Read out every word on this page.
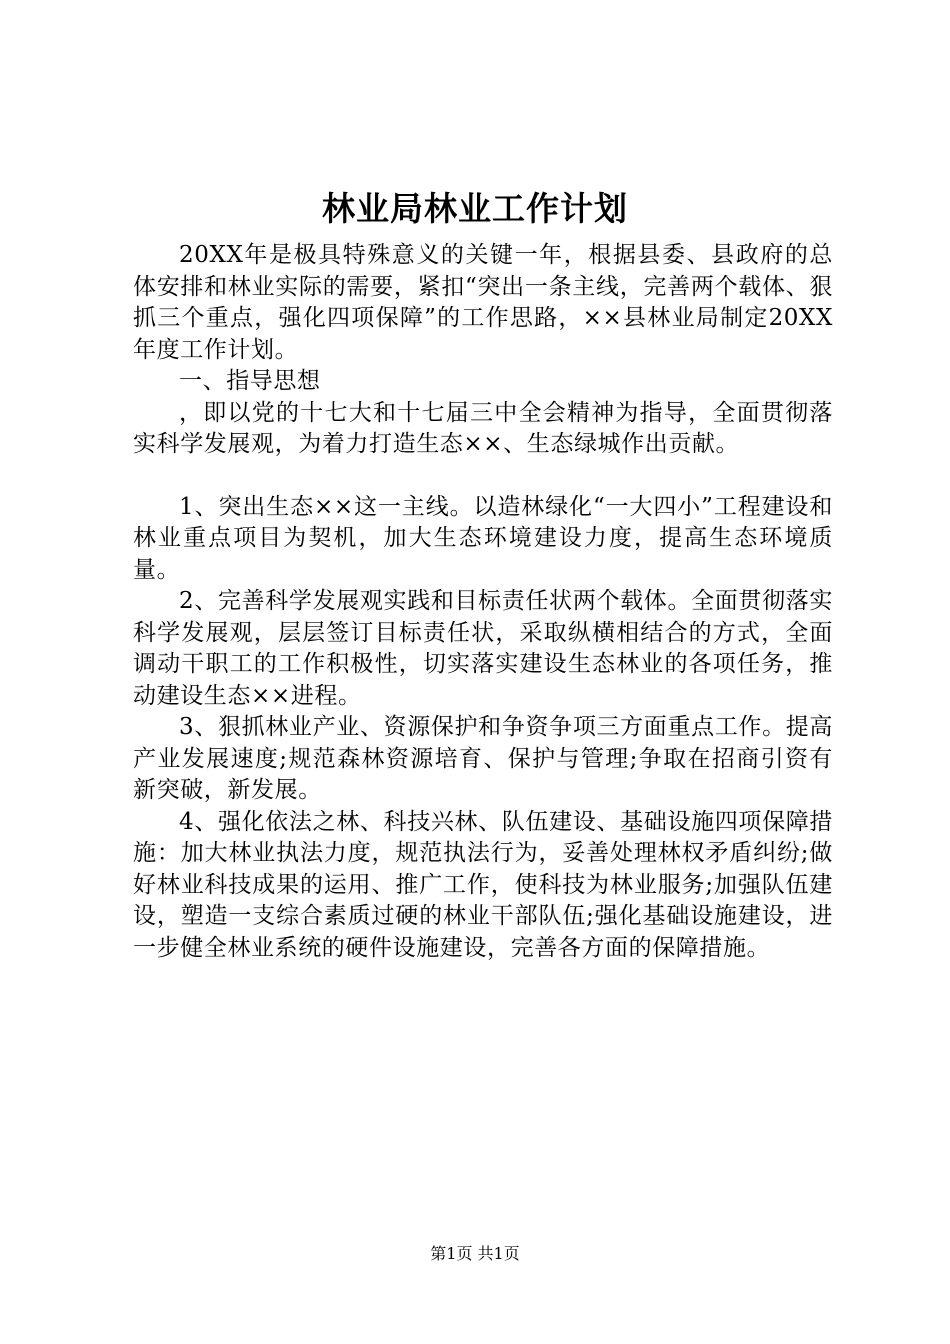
林业局林业工作计划

20XX年是极具特殊意义的关键一年，根据县委、县政府的总体安排和林业实际的需要，紧扣“突出一条主线，完善两个载体、狠抓三个重点，强化四项保障”的工作思路，××县林业局制定20XX年度工作计划。

一、指导思想

，即以党的十七大和十七届三中全会精神为指导，全面贯彻落实科学发展观，为着力打造生态××、生态绿城作出贡献。

1、突出生态××这一主线。以造林绿化“一大四小”工程建设和林业重点项目为契机，加大生态环境建设力度，提高生态环境质量。

2、完善科学发展观实践和目标责任状两个载体。全面贯彻落实科学发展观，层层签订目标责任状，采取纵横相结合的方式，全面调动干职工的工作积极性，切实落实建设生态林业的各项任务，推动建设生态××进程。

3、狠抓林业产业、资源保护和争资争项三方面重点工作。提高产业发展速度;规范森林资源培育、保护与管理;争取在招商引资有新突破，新发展。

4、强化依法之林、科技兴林、队伍建设、基础设施四项保障措施：加大林业执法力度，规范执法行为，妥善处理林权矛盾纠纷;做好林业科技成果的运用、推广工作，使科技为林业服务;加强队伍建设，塑造一支综合素质过硬的林业干部队伍;强化基础设施建设，进一步健全林业系统的硬件设施建设，完善各方面的保障措施。

第1页 共1页
